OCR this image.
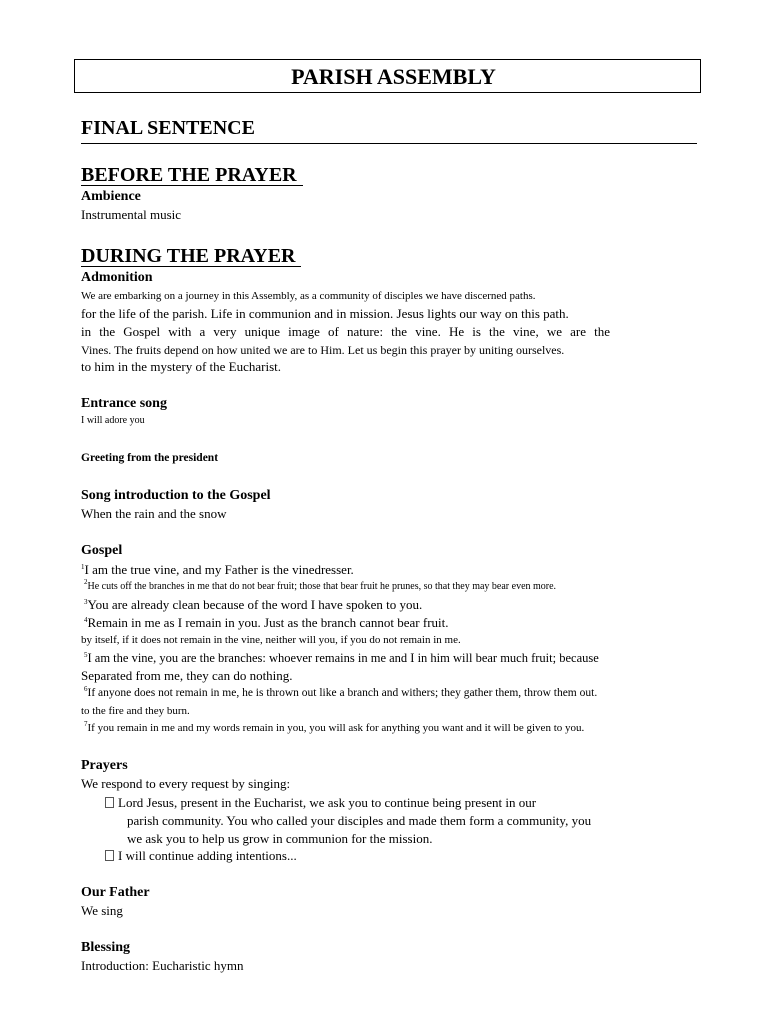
PARISH ASSEMBLY
FINAL SENTENCE
BEFORE THE PRAYER
Ambience
Instrumental music
DURING THE PRAYER
Admonition
We are embarking on a journey in this Assembly, as a community of disciples we have discerned paths.
for the life of the parish. Life in communion and in mission. Jesus lights our way on this path.
in the Gospel with a very unique image of nature: the vine. He is the vine, we are the
Vines. The fruits depend on how united we are to Him. Let us begin this prayer by uniting ourselves.
to him in the mystery of the Eucharist.
Entrance song
I will adore you
Greeting from the president
Song introduction to the Gospel
When the rain and the snow
Gospel
$^1$I am the true vine, and my Father is the vinedresser.
$^2$He cuts off the branches in me that do not bear fruit; those that bear fruit he prunes, so that they may bear even more.
$^3$You are already clean because of the word I have spoken to you.
$^4$Remain in me as I remain in you. Just as the branch cannot bear fruit.
by itself, if it does not remain in the vine, neither will you, if you do not remain in me.
$^5$I am the vine, you are the branches: whoever remains in me and I in him will bear much fruit; because
Separated from me, they can do nothing.
$^6$If anyone does not remain in me, he is thrown out like a branch and withers; they gather them, throw them out.
to the fire and they burn.
$^7$If you remain in me and my words remain in you, you will ask for anything you want and it will be given to you.
Prayers
We respond to every request by singing:
Lord Jesus, present in the Eucharist, we ask you to continue being present in our
parish community. You who called your disciples and made them form a community, you
we ask you to help us grow in communion for the mission.
I will continue adding intentions...
Our Father
We sing
Blessing
Introduction: Eucharistic hymn
